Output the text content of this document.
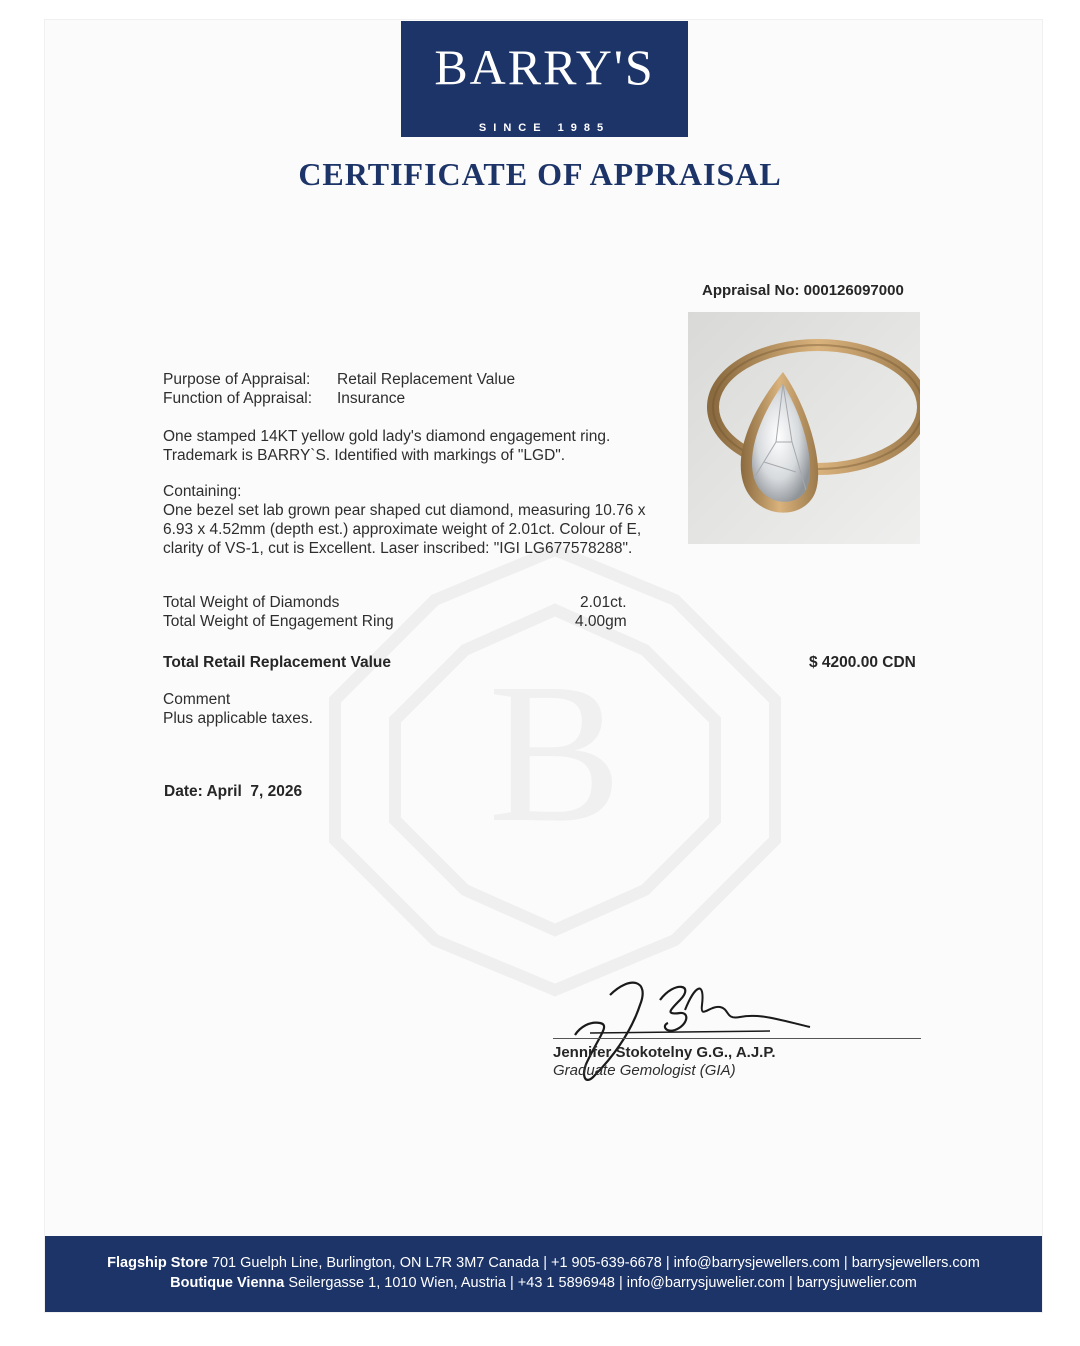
B
BARRY'S
SINCE 1985
CERTIFICATE OF APPRAISAL
Appraisal No: 000126097000
Purpose of Appraisal: Retail Replacement Value
Function of Appraisal: Insurance
One stamped 14KT yellow gold lady's diamond engagement ring.
Trademark is BARRY`S. Identified with markings of "LGD".
Containing:
One bezel set lab grown pear shaped cut diamond, measuring 10.76 x
6.93 x 4.52mm (depth est.) approximate weight of 2.01ct. Colour of E,
clarity of VS-1, cut is Excellent. Laser inscribed: "IGI LG677578288".
Total Weight of Diamonds	2.01ct.
Total Weight of Engagement Ring	4.00gm
Total Retail Replacement Value	$ 4200.00 CDN
Comment
Plus applicable taxes.
Date: April  7, 2026
Jennifer Stokotelny G.G., A.J.P.
Graduate Gemologist (GIA)
Flagship Store 701 Guelph Line, Burlington, ON L7R 3M7 Canada | +1 905-639-6678 | info@barrysjewellers.com | barrysjewellers.com
Boutique Vienna Seilergasse 1, 1010 Wien, Austria | +43 1 5896948 | info@barrysjuwelier.com | barrysjuwelier.com
